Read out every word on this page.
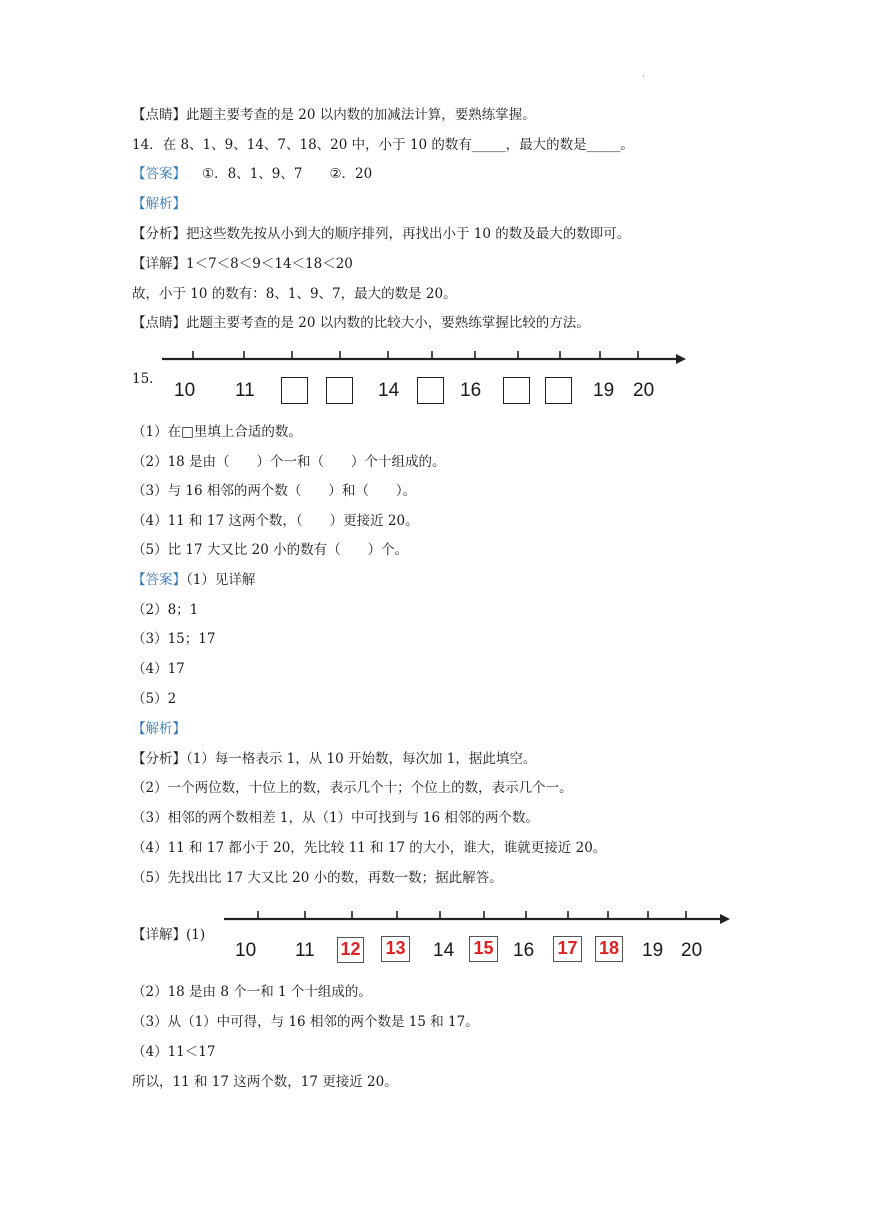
·
【点睛】此题主要考查的是 20 以内数的加减法计算，要熟练掌握。
14．在 8、1、9、14、7、18、20 中，小于 10 的数有_____，最大的数是_____。
【答案】 ①．8、1、9、7　　②．20
【解析】
【分析】把这些数先按从小到大的顺序排列，再找出小于 10 的数及最大的数即可。
【详解】1＜7＜8＜9＜14＜18＜20
故，小于 10 的数有：8、1、9、7，最大的数是 20。
【点睛】此题主要考查的是 20 以内数的比较大小，要熟练掌握比较的方法。
15.
10 11	14	16	19 20
（1）在□里填上合适的数。
（2）18 是由（　　）个一和（　　）个十组成的。
（3）与 16 相邻的两个数（　　）和（　　）。
（4）11 和 17 这两个数，（　　）更接近 20。
（5）比 17 大又比 20 小的数有（　　）个。
【答案】（1）见详解
（2）8；1
（3）15；17
（4）17
（5）2
【解析】
【分析】（1）每一格表示 1，从 10 开始数，每次加 1，据此填空。
（2）一个两位数，十位上的数，表示几个十；个位上的数，表示几个一。
（3）相邻的两个数相差 1，从（1）中可找到与 16 相邻的两个数。
（4）11 和 17 都小于 20，先比较 11 和 17 的大小，谁大，谁就更接近 20。
（5）先找出比 17 大又比 20 小的数，再数一数；据此解答。
【详解】(1)
10 11 12 13 14 15 16 17 18 19 20
（2）18 是由 8 个一和 1 个十组成的。
（3）从（1）中可得，与 16 相邻的两个数是 15 和 17。
（4）11＜17
所以，11 和 17 这两个数，17 更接近 20。
